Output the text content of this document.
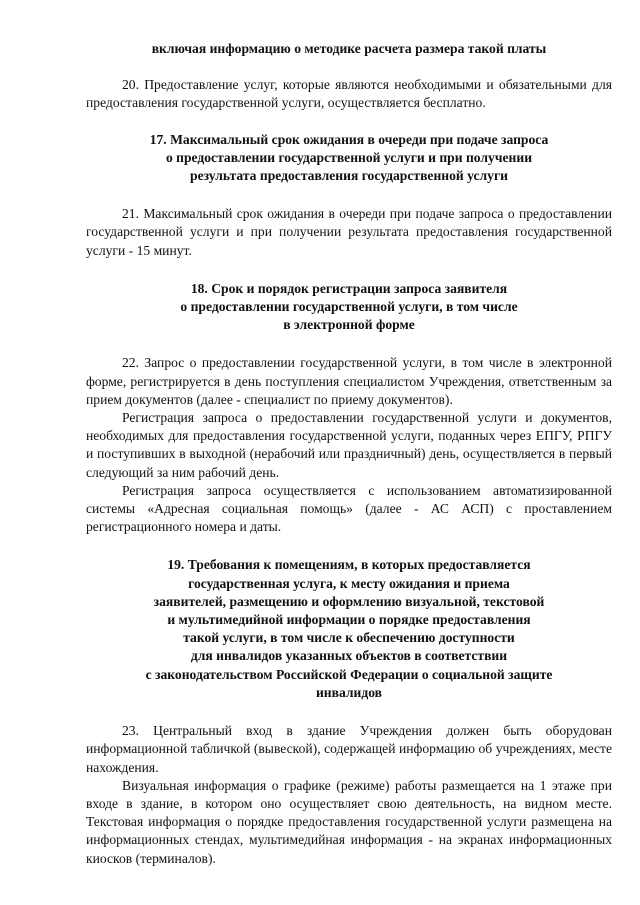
включая информацию о методике расчета размера такой платы

20. Предоставление услуг, которые являются необходимыми и обязательными для предоставления государственной услуги, осуществляется бесплатно.

17. Максимальный срок ожидания в очереди при подаче запроса
о предоставлении государственной услуги и при получении
результата предоставления государственной услуги

21. Максимальный срок ожидания в очереди при подаче запроса о предоставлении государственной услуги и при получении результата предоставления государственной услуги - 15 минут.

18. Срок и порядок регистрации запроса заявителя
о предоставлении государственной услуги, в том числе
в электронной форме

22. Запрос о предоставлении государственной услуги, в том числе в электронной форме, регистрируется в день поступления специалистом Учреждения, ответственным за прием документов (далее - специалист по приему документов).

Регистрация запроса о предоставлении государственной услуги и документов, необходимых для предоставления государственной услуги, поданных через ЕПГУ, РПГУ и поступивших в выходной (нерабочий или праздничный) день, осуществляется в первый следующий за ним рабочий день.

Регистрация запроса осуществляется с использованием автоматизированной системы «Адресная социальная помощь» (далее - АС АСП) с проставлением регистрационного номера и даты.

19. Требования к помещениям, в которых предоставляется
государственная услуга, к месту ожидания и приема
заявителей, размещению и оформлению визуальной, текстовой
и мультимедийной информации о порядке предоставления
такой услуги, в том числе к обеспечению доступности
для инвалидов указанных объектов в соответствии
с законодательством Российской Федерации о социальной защите
инвалидов

23. Центральный вход в здание Учреждения должен быть оборудован информационной табличкой (вывеской), содержащей информацию об учреждениях, месте нахождения.

Визуальная информация о графике (режиме) работы размещается на 1 этаже при входе в здание, в котором оно осуществляет свою деятельность, на видном месте. Текстовая информация о порядке предоставления государственной услуги размещена на информационных стендах, мультимедийная информация - на экранах информационных киосков (терминалов).
